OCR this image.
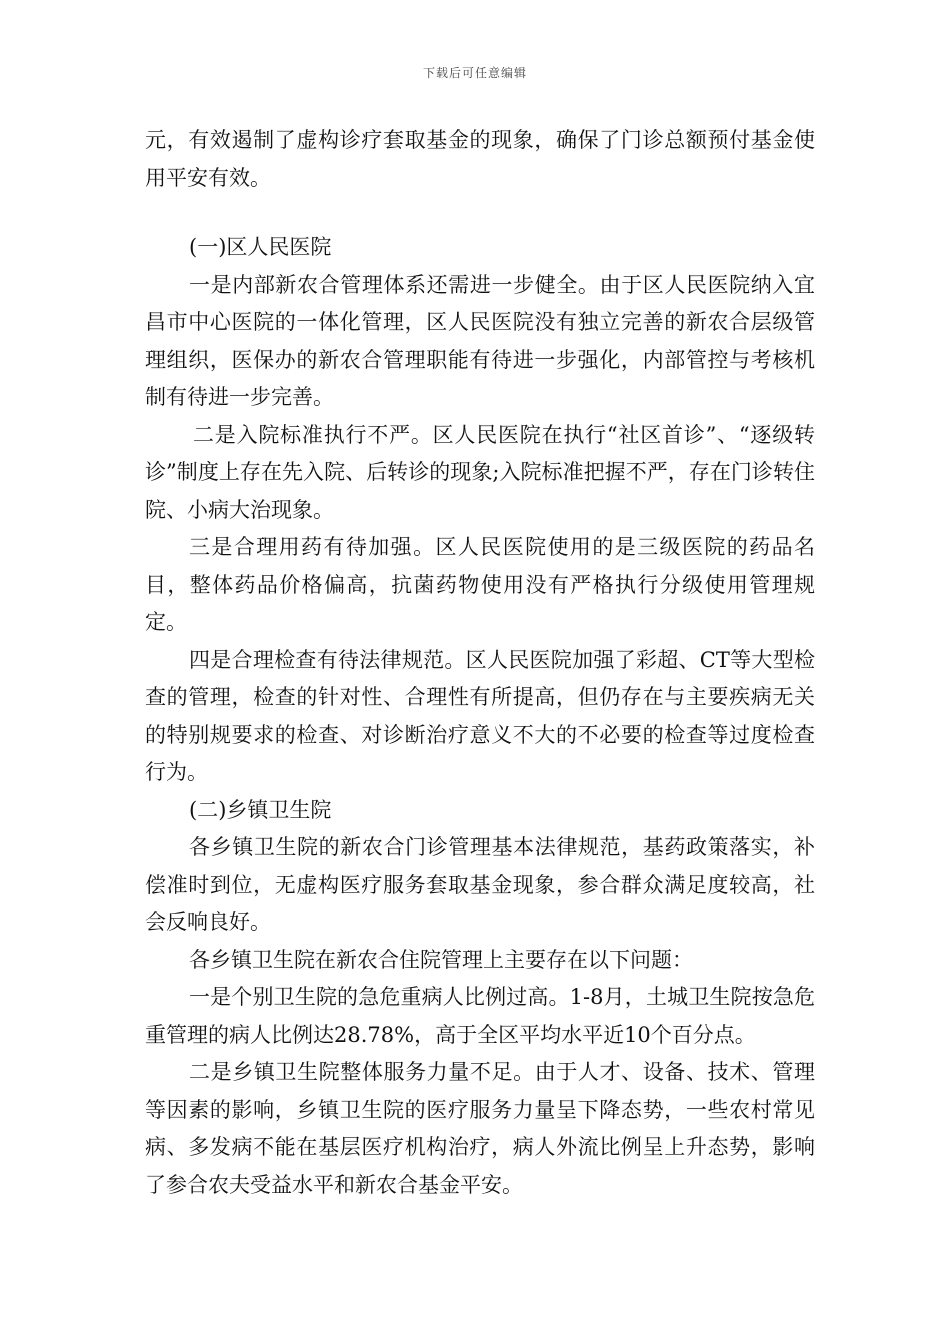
下载后可任意编辑

元，有效遏制了虚构诊疗套取基金的现象，确保了门诊总额预付基金使用平安有效。

(一)区人民医院

一是内部新农合管理体系还需进一步健全。由于区人民医院纳入宜昌市中心医院的一体化管理，区人民医院没有独立完善的新农合层级管理组织，医保办的新农合管理职能有待进一步强化，内部管控与考核机制有待进一步完善。

二是入院标准执行不严。区人民医院在执行“社区首诊”、“逐级转诊”制度上存在先入院、后转诊的现象;入院标准把握不严，存在门诊转住院、小病大治现象。

三是合理用药有待加强。区人民医院使用的是三级医院的药品名目，整体药品价格偏高，抗菌药物使用没有严格执行分级使用管理规定。

四是合理检查有待法律规范。区人民医院加强了彩超、CT等大型检查的管理，检查的针对性、合理性有所提高，但仍存在与主要疾病无关的特别规要求的检查、对诊断治疗意义不大的不必要的检查等过度检查行为。

(二)乡镇卫生院

各乡镇卫生院的新农合门诊管理基本法律规范，基药政策落实，补偿准时到位，无虚构医疗服务套取基金现象，参合群众满足度较高，社会反响良好。

各乡镇卫生院在新农合住院管理上主要存在以下问题：

一是个别卫生院的急危重病人比例过高。1-8月，土城卫生院按急危重管理的病人比例达28.78%，高于全区平均水平近10个百分点。

二是乡镇卫生院整体服务力量不足。由于人才、设备、技术、管理等因素的影响，乡镇卫生院的医疗服务力量呈下降态势，一些农村常见病、多发病不能在基层医疗机构治疗，病人外流比例呈上升态势，影响了参合农夫受益水平和新农合基金平安。
